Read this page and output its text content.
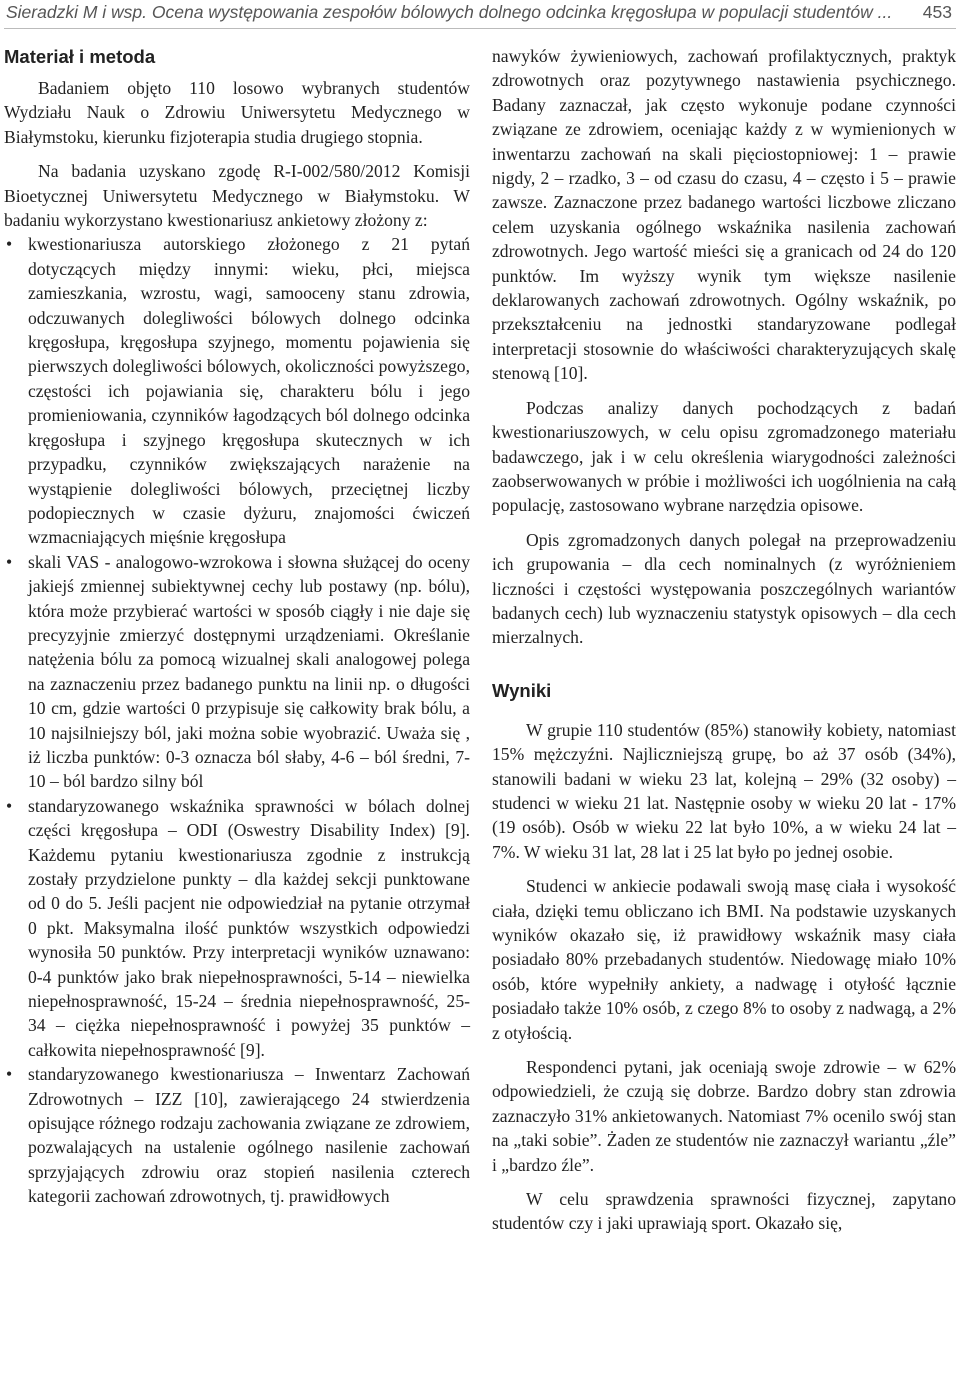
Sieradzki M i wsp. Ocena występowania zespołów bólowych dolnego odcinka kręgosłupa w populacji studentów ... 453
Materiał i metoda

Badaniem objęto 110 losowo wybranych studentów Wydziału Nauk o Zdrowiu Uniwersytetu Medycznego w Białymstoku, kierunku fizjoterapia studia drugiego stopnia.

Na badania uzyskano zgodę R-I-002/580/2012 Komisji Bioetycznej Uniwersytetu Medycznego w Białymstoku. W badaniu wykorzystano kwestionariusz ankietowy złożony z:

• kwestionariusza autorskiego złożonego z 21 pytań dotyczących między innymi: wieku, płci, miejsca zamieszkania, wzrostu, wagi, samooceny stanu zdrowia, odczuwanych dolegliwości bólowych dolnego odcinka kręgosłupa, kręgosłupa szyjnego, momentu pojawienia się pierwszych dolegliwości bólowych, okoliczności powyższego, częstości ich pojawiania się, charakteru bólu i jego promieniowania, czynników łagodzących ból dolnego odcinka kręgosłupa i szyjnego kręgosłupa skutecznych w ich przypadku, czynników zwiększających narażenie na wystąpienie dolegliwości bólowych, przeciętnej liczby podopiecznych w czasie dyżuru, znajomości ćwiczeń wzmacniających mięśnie kręgosłupa
• skali VAS - analogowo-wzrokowa i słowna służącej do oceny jakiejś zmiennej subiektywnej cechy lub postawy (np. bólu), która może przybierać wartości w sposób ciągły i nie daje się precyzyjnie zmierzyć dostępnymi urządzeniami. Określanie natężenia bólu za pomocą wizualnej skali analogowej polega na zaznaczeniu przez badanego punktu na linii np. o długości 10 cm, gdzie wartości 0 przypisuje się całkowity brak bólu, a 10 najsilniejszy ból, jaki można sobie wyobrazić. Uważa się , iż liczba punktów: 0-3 oznacza ból słaby, 4-6 – ból średni, 7-10 – ból bardzo silny ból
• standaryzowanego wskaźnika sprawności w bólach dolnej części kręgosłupa – ODI (Oswestry Disability Index) [9]. Każdemu pytaniu kwestionariusza zgodnie z instrukcją zostały przydzielone punkty – dla każdej sekcji punktowane od 0 do 5. Jeśli pacjent nie odpowiedział na pytanie otrzymał 0 pkt. Maksymalna ilość punktów wszystkich odpowiedzi wynosiła 50 punktów. Przy interpretacji wyników uznawano: 0-4 punktów jako brak niepełnosprawności, 5-14 – niewielka niepełnosprawność, 15-24 – średnia niepełnosprawność, 25-34 – ciężka niepełnosprawność i powyżej 35 punktów – całkowita niepełnosprawność [9].
• standaryzowanego kwestionariusza – Inwentarz Zachowań Zdrowotnych – IZZ [10], zawierającego 24 stwierdzenia opisujące różnego rodzaju zachowania związane ze zdrowiem, pozwalających na ustalenie ogólnego nasilenie zachowań sprzyjających zdrowiu oraz stopień nasilenia czterech kategorii zachowań zdrowotnych, tj. prawidłowych

nawyków żywieniowych, zachowań profilaktycznych, praktyk zdrowotnych oraz pozytywnego nastawienia psychicznego. Badany zaznaczał, jak często wykonuje podane czynności związane ze zdrowiem, oceniając każdy z w wymienionych w inwentarzu zachowań na skali pięciostopniowej: 1 – prawie nigdy, 2 – rzadko, 3 – od czasu do czasu, 4 – często i 5 – prawie zawsze. Zaznaczone przez badanego wartości liczbowe zliczano celem uzyskania ogólnego wskaźnika nasilenia zachowań zdrowotnych. Jego wartość mieści się a granicach od 24 do 120 punktów. Im wyższy wynik tym większe nasilenie deklarowanych zachowań zdrowotnych. Ogólny wskaźnik, po przekształceniu na jednostki standaryzowane podlegał interpretacji stosownie do właściwości charakteryzujących skalę stenową [10].

Podczas analizy danych pochodzących z badań kwestionariuszowych, w celu opisu zgromadzonego materiału badawczego, jak i w celu określenia wiarygodności zależności zaobserwowanych w próbie i możliwości ich uogólnienia na całą populację, zastosowano wybrane narzędzia opisowe.

Opis zgromadzonych danych polegał na przeprowadzeniu ich grupowania – dla cech nominalnych (z wyróżnieniem liczności i częstości występowania poszczególnych wariantów badanych cech) lub wyznaczeniu statystyk opisowych – dla cech mierzalnych.

Wyniki

W grupie 110 studentów (85%) stanowiły kobiety, natomiast 15% mężczyźni. Najliczniejszą grupę, bo aż 37 osób (34%), stanowili badani w wieku 23 lat, kolejną – 29% (32 osoby) – studenci w wieku 21 lat. Następnie osoby w wieku 20 lat - 17% (19 osób). Osób w wieku 22 lat było 10%, a w wieku 24 lat – 7%. W wieku 31 lat, 28 lat i 25 lat było po jednej osobie.

Studenci w ankiecie podawali swoją masę ciała i wysokość ciała, dzięki temu obliczano ich BMI. Na podstawie uzyskanych wyników okazało się, iż prawidłowy wskaźnik masy ciała posiadało 80% przebadanych studentów. Niedowagę miało 10% osób, które wypełniły ankiety, a nadwagę i otyłość łącznie posiadało także 10% osób, z czego 8% to osoby z nadwagą, a 2% z otyłością.

Respondenci pytani, jak oceniają swoje zdrowie – w 62% odpowiedzieli, że czują się dobrze. Bardzo dobry stan zdrowia zaznaczyło 31% ankietowanych. Natomiast 7% ocenilo swój stan na „taki sobie”. Żaden ze studentów nie zaznaczył wariantu „źle” i „bardzo źle”.

W celu sprawdzenia sprawności fizycznej, zapytano studentów czy i jaki uprawiają sport. Okazało się,
